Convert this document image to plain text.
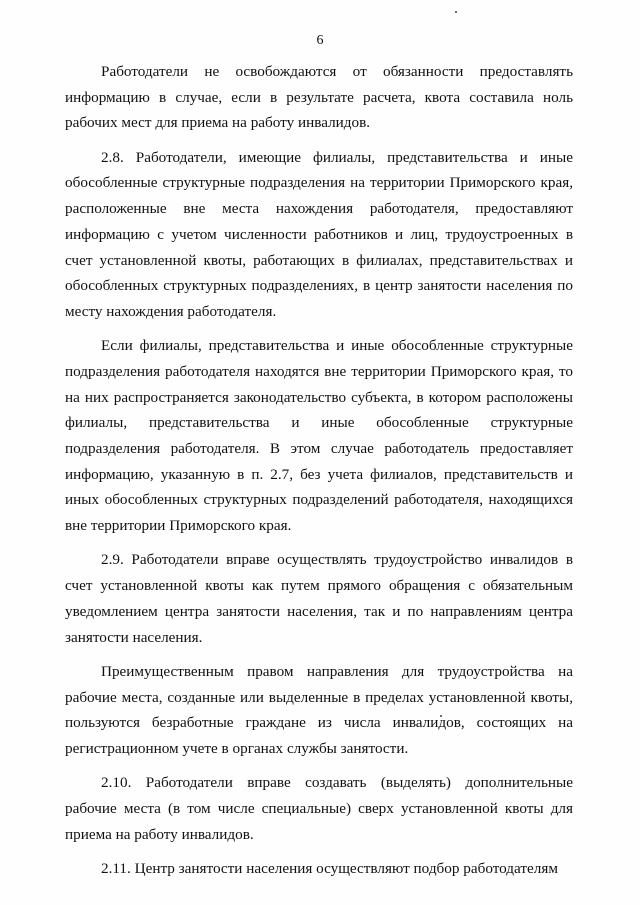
6

Работодатели не освобождаются от обязанности предоставлять информацию в случае, если в результате расчета, квота составила ноль рабочих мест для приема на работу инвалидов.

2.8. Работодатели, имеющие филиалы, представительства и иные обособленные структурные подразделения на территории Приморского края, расположенные вне места нахождения работодателя, предоставляют информацию с учетом численности работников и лиц, трудоустроенных в счет установленной квоты, работающих в филиалах, представительствах и обособленных структурных подразделениях, в центр занятости населения по месту нахождения работодателя.

Если филиалы, представительства и иные обособленные структурные подразделения работодателя находятся вне территории Приморского края, то на них распространяется законодательство субъекта, в котором расположены филиалы, представительства и иные обособленные структурные подразделения работодателя. В этом случае работодатель предоставляет информацию, указанную в п. 2.7, без учета филиалов, представительств и иных обособленных структурных подразделений работодателя, находящихся вне территории Приморского края.

2.9. Работодатели вправе осуществлять трудоустройство инвалидов в счет установленной квоты как путем прямого обращения с обязательным уведомлением центра занятости населения, так и по направлениям центра занятости населения.

Преимущественным правом направления для трудоустройства на рабочие места, созданные или выделенные в пределах установленной квоты, пользуются безработные граждане из числа инвалидов, состоящих на регистрационном учете в органах службы занятости.

2.10. Работодатели вправе создавать (выделять) дополнительные рабочие места (в том числе специальные) сверх установленной квоты для приема на работу инвалидов.

2.11. Центр занятости населения осуществляют подбор работодателям
